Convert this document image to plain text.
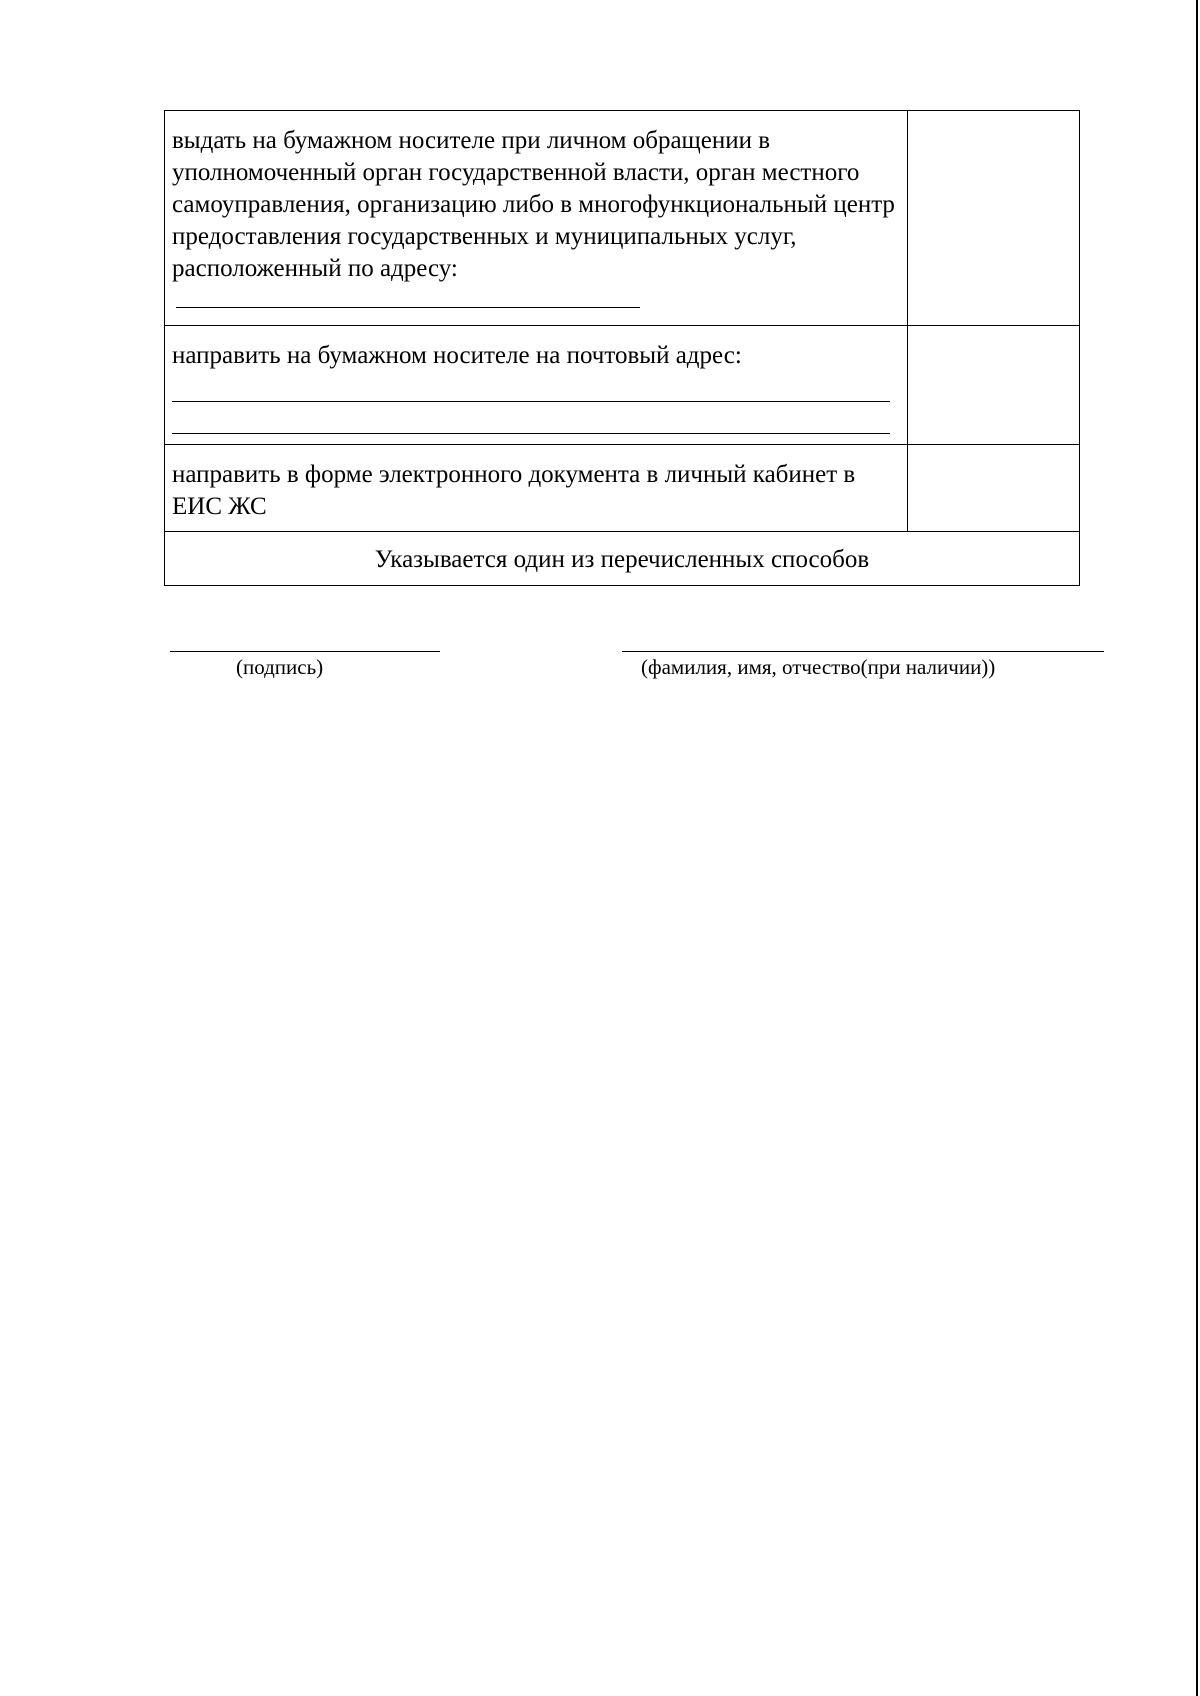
выдать на бумажном носителе при личном обращении в уполномоченный орган государственной власти, орган местного самоуправления, организацию либо в многофункциональный центр предоставления государственных и муниципальных услуг, расположенный по адресу:	
направить на бумажном носителе на почтовый адрес:

направить в форме электронного документа в личный кабинет в ЕИС ЖС	
Указывается один из перечисленных способов	
(подпись)	(фамилия, имя, отчество(при наличии))
